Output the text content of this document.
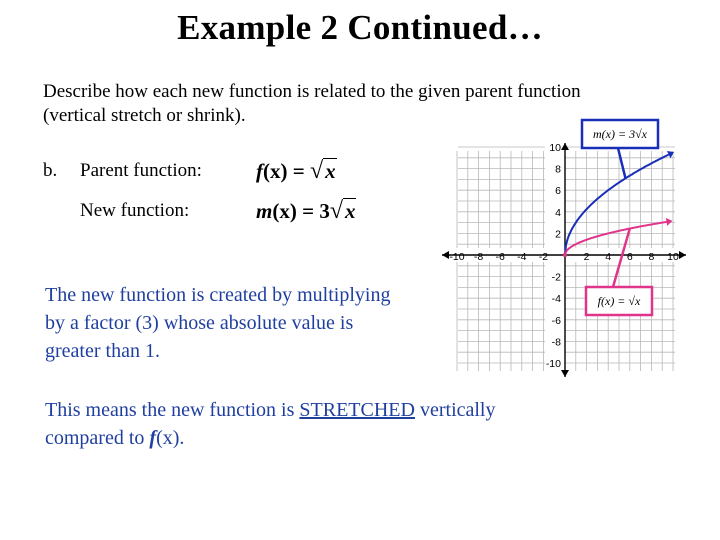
Example 2 Continued…
Describe how each new function is related to the given parent function (vertical stretch or shrink).
b. Parent function:	f(x) = √x
New function:	m(x) = 3√x
The new function is created by multiplying by a factor (3) whose absolute value is greater than 1.
This means the new function is STRETCHED vertically compared to f(x).
-10 -8 -6 -4 -2	2 4 6 8 10
10
8
6
4
2
-2
-4
-6
-8
-10
m(x) = 3√x
f(x) = √x
